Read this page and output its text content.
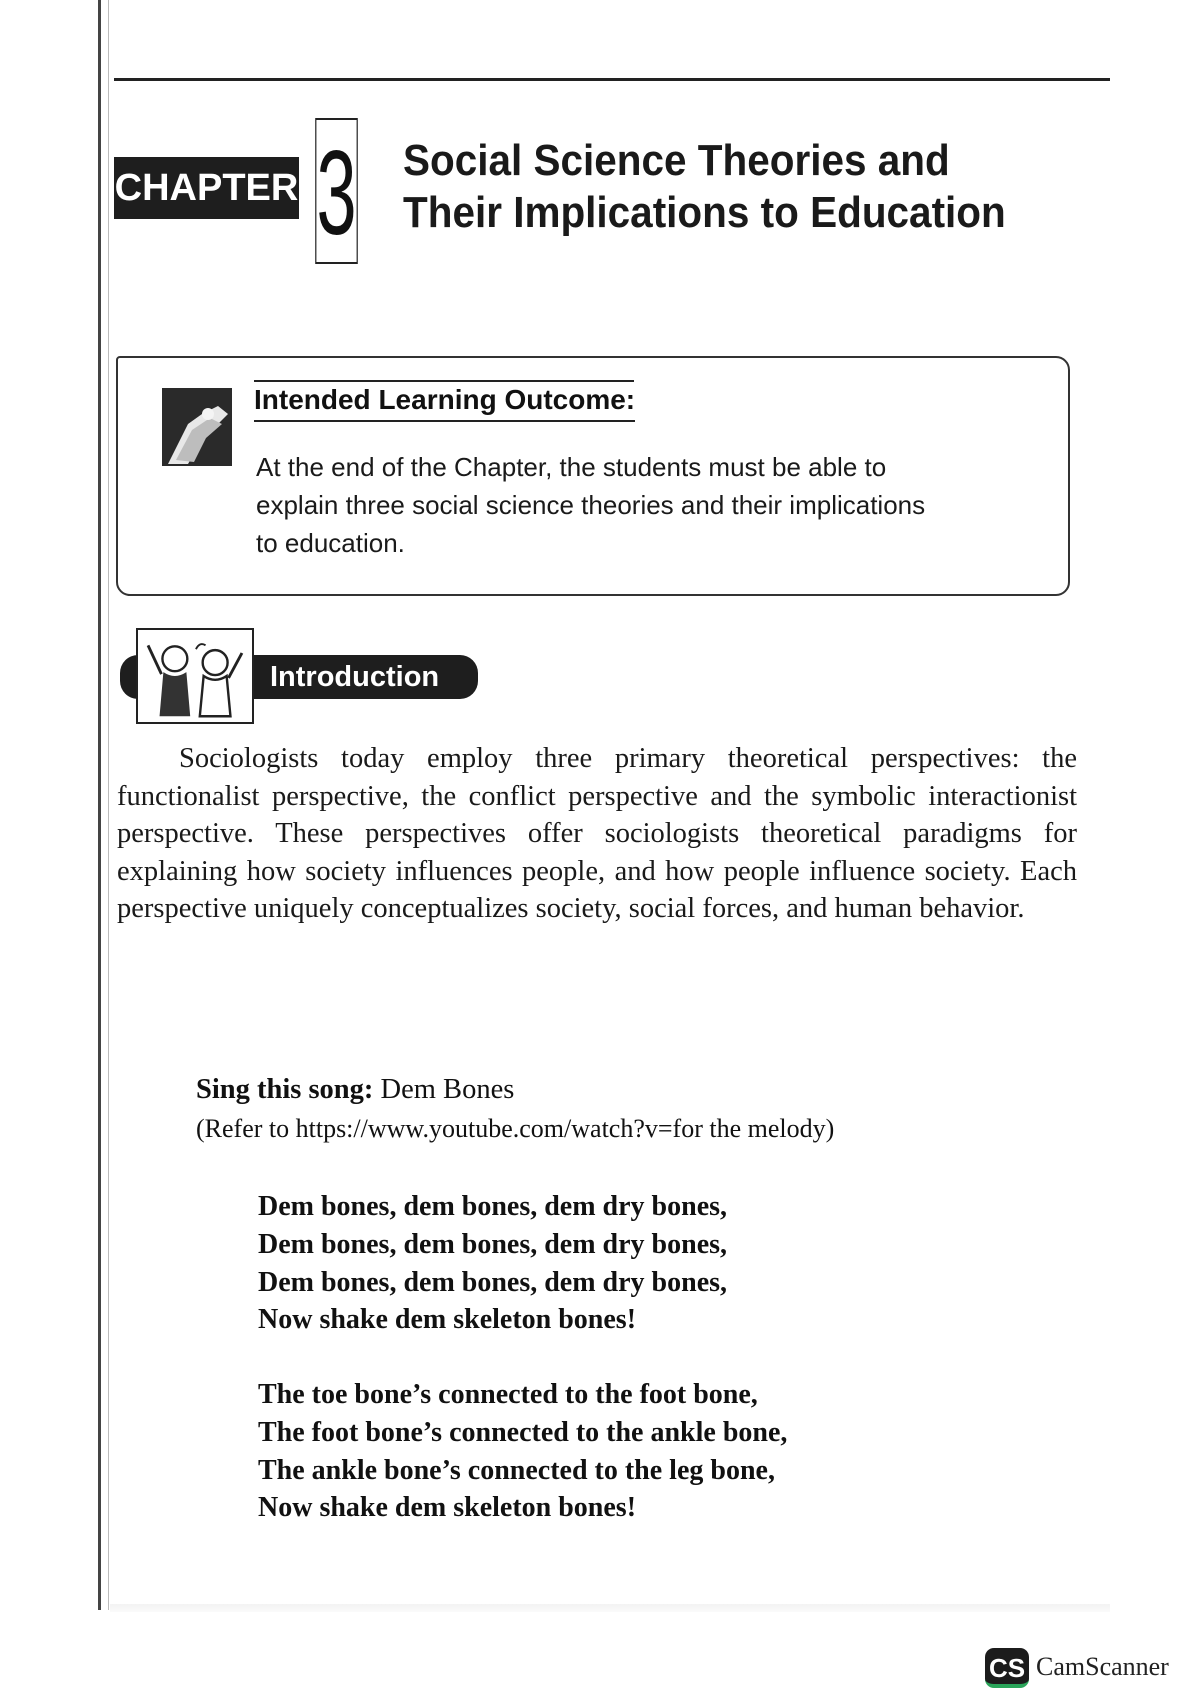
CHAPTER 3 Social Science Theories and
Their Implications to Education
Intended Learning Outcome:
At the end of the Chapter, the students must be able to
explain three social science theories and their implications
to education.
Introduction
Sociologists today employ three primary theoretical perspectives: the functionalist perspective, the conflict perspective and the symbolic interactionist perspective. These perspectives offer sociologists theoretical paradigms for explaining how society influences people, and how people influence society. Each perspective uniquely conceptualizes society, social forces, and human behavior.
Sing this song: Dem Bones
(Refer to https://www.youtube.com/watch?v=for the melody)
Dem bones, dem bones, dem dry bones,
Dem bones, dem bones, dem dry bones,
Dem bones, dem bones, dem dry bones,
Now shake dem skeleton bones!
The toe bone’s connected to the foot bone,
The foot bone’s connected to the ankle bone,
The ankle bone’s connected to the leg bone,
Now shake dem skeleton bones!
CS CamScanner
